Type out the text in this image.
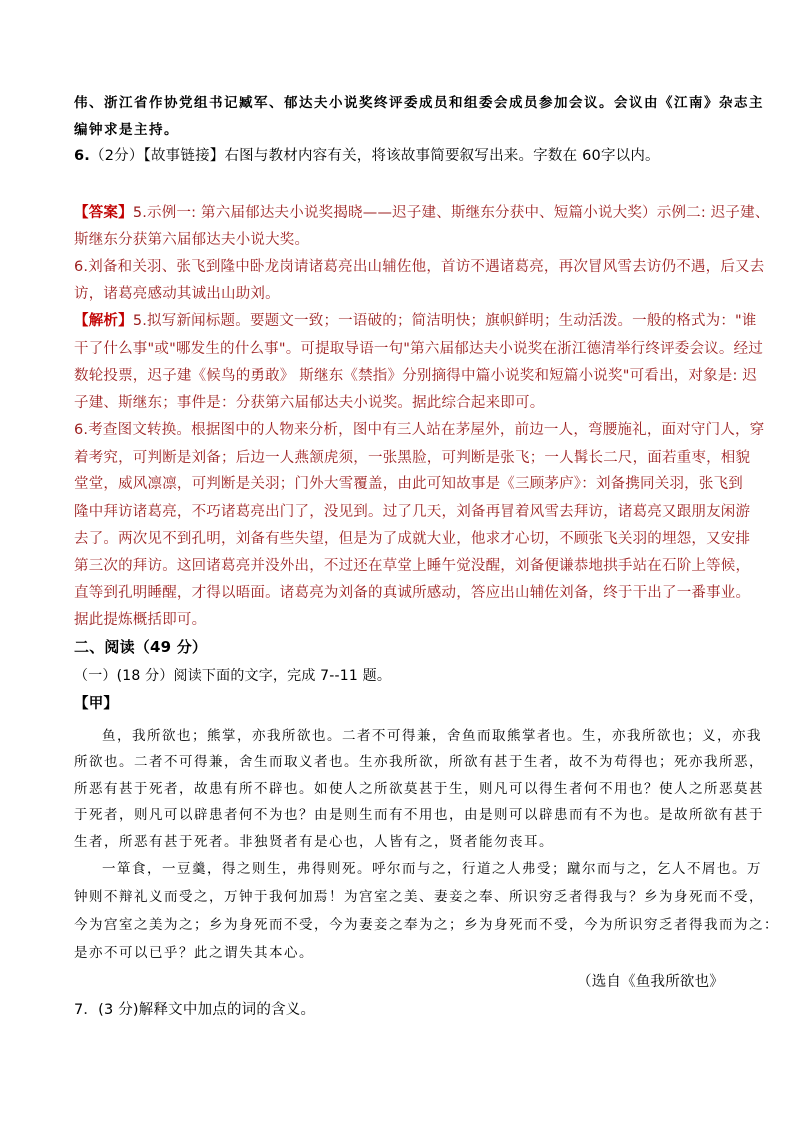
伟、浙江省作协党组书记臧军、郁达夫小说奖终评委成员和组委会成员参加会议。会议由《江南》杂志主
编钟求是主持。
6.（2分）【故事链接】右图与教材内容有关，将该故事简要叙写出来。字数在 60字以内。
【答案】5.示例一: 第六届郁达夫小说奖揭晓——迟子建、斯继东分获中、短篇小说大奖）示例二: 迟子建、
斯继东分获第六届郁达夫小说大奖。
6.刘备和关羽、张飞到隆中卧龙岗请诸葛亮出山辅佐他，首访不遇诸葛亮，再次冒风雪去访仍不遇，后又去
访，诸葛亮感动其诚出山助刘。
【解析】5.拟写新闻标题。要题文一致；一语破的；简洁明快；旗帜鲜明；生动活泼。一般的格式为："谁
干了什么事"或"哪发生的什么事"。可提取导语一句"第六届郁达夫小说奖在浙江德清举行终评委会议。经过
数轮投票，迟子建《候鸟的勇敢》 斯继东《禁指》分别摘得中篇小说奖和短篇小说奖"可看出，对象是: 迟
子建、斯继东；事件是：分获第六届郁达夫小说奖。据此综合起来即可。
6.考查图文转换。根据图中的人物来分析，图中有三人站在茅屋外，前边一人，弯腰施礼，面对守门人，穿
着考究，可判断是刘备；后边一人燕颔虎须，一张黑脸，可判断是张飞；一人髯长二尺，面若重枣，相貌
堂堂，威风凛凛，可判断是关羽；门外大雪覆盖，由此可知故事是《三顾茅庐》：刘备携同关羽，张飞到
隆中拜访诸葛亮，不巧诸葛亮出门了，没见到。过了几天，刘备再冒着风雪去拜访，诸葛亮又跟朋友闲游
去了。两次见不到孔明，刘备有些失望，但是为了成就大业，他求才心切，不顾张飞关羽的埋怨，又安排
第三次的拜访。这回诸葛亮并没外出，不过还在草堂上睡午觉没醒，刘备便谦恭地拱手站在石阶上等候，
直等到孔明睡醒，才得以晤面。诸葛亮为刘备的真诚所感动，答应出山辅佐刘备，终于干出了一番事业。
据此提炼概括即可。
二、阅读（49 分）
（一）(18 分）阅读下面的文字，完成 7--11 题。
【甲】
鱼，我所欲也；熊掌，亦我所欲也。二者不可得兼，舍鱼而取熊掌者也。生，亦我所欲也；义，亦我
所欲也。二者不可得兼，舍生而取义者也。生亦我所欲，所欲有甚于生者，故不为苟得也；死亦我所恶，
所恶有甚于死者，故患有所不辟也。如使人之所欲莫甚于生，则凡可以得生者何不用也？使人之所恶莫甚
于死者，则凡可以辟患者何不为也？由是则生而有不用也，由是则可以辟患而有不为也。是故所欲有甚于
生者，所恶有甚于死者。非独贤者有是心也，人皆有之，贤者能勿丧耳。
一箪食，一豆羹，得之则生，弗得则死。呼尔而与之，行道之人弗受；蹴尔而与之，乞人不屑也。万
钟则不辩礼义而受之，万钟于我何加焉！为宫室之美、妻妾之奉、所识穷乏者得我与？乡为身死而不受，
今为宫室之美为之；乡为身死而不受，今为妻妾之奉为之；乡为身死而不受，今为所识穷乏者得我而为之：
是亦不可以已乎？此之谓失其本心。
（选自《鱼我所欲也》
7．(3 分)解释文中加点的词的含义。
